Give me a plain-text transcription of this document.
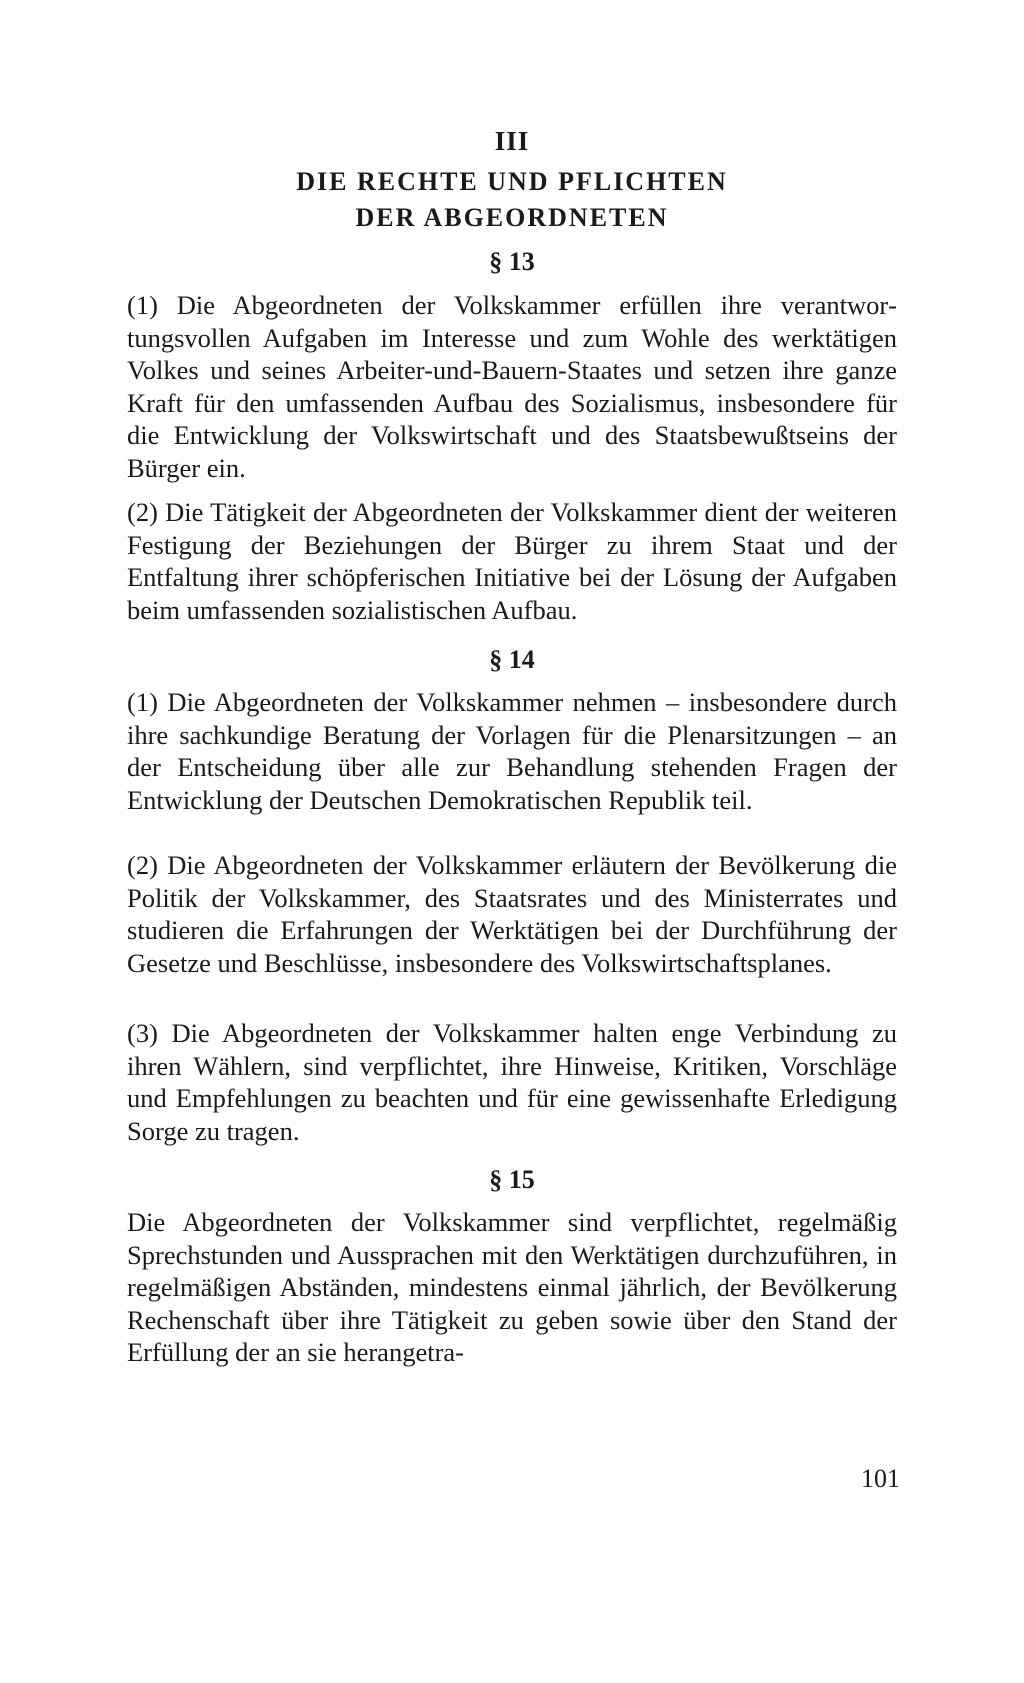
III
DIE RECHTE UND PFLICHTEN DER ABGEORDNETEN
§ 13
(1) Die Abgeordneten der Volkskammer erfüllen ihre verantwortungsvollen Aufgaben im Interesse und zum Wohle des werktätigen Volkes und seines Arbeiter-und-Bauern-Staates und setzen ihre ganze Kraft für den umfassenden Aufbau des Sozialismus, insbesondere für die Entwicklung der Volkswirtschaft und des Staatsbewußtseins der Bürger ein.
(2) Die Tätigkeit der Abgeordneten der Volkskammer dient der weiteren Festigung der Beziehungen der Bürger zu ihrem Staat und der Entfaltung ihrer schöpferischen Initiative bei der Lösung der Aufgaben beim umfassenden sozialistischen Aufbau.
§ 14
(1) Die Abgeordneten der Volkskammer nehmen – insbesondere durch ihre sachkundige Beratung der Vorlagen für die Plenarsitzungen – an der Entscheidung über alle zur Behandlung stehenden Fragen der Entwicklung der Deutschen Demokratischen Republik teil.
(2) Die Abgeordneten der Volkskammer erläutern der Bevölkerung die Politik der Volkskammer, des Staatsrates und des Ministerrates und studieren die Erfahrungen der Werktätigen bei der Durchführung der Gesetze und Beschlüsse, insbesondere des Volkswirtschaftsplanes.
(3) Die Abgeordneten der Volkskammer halten enge Verbindung zu ihren Wählern, sind verpflichtet, ihre Hinweise, Kritiken, Vorschläge und Empfehlungen zu beachten und für eine gewissenhafte Erledigung Sorge zu tragen.
§ 15
Die Abgeordneten der Volkskammer sind verpflichtet, regelmäßig Sprechstunden und Aussprachen mit den Werktätigen durchzuführen, in regelmäßigen Abständen, mindestens einmal jährlich, der Bevölkerung Rechenschaft über ihre Tätigkeit zu geben sowie über den Stand der Erfüllung der an sie herangetra-
101
